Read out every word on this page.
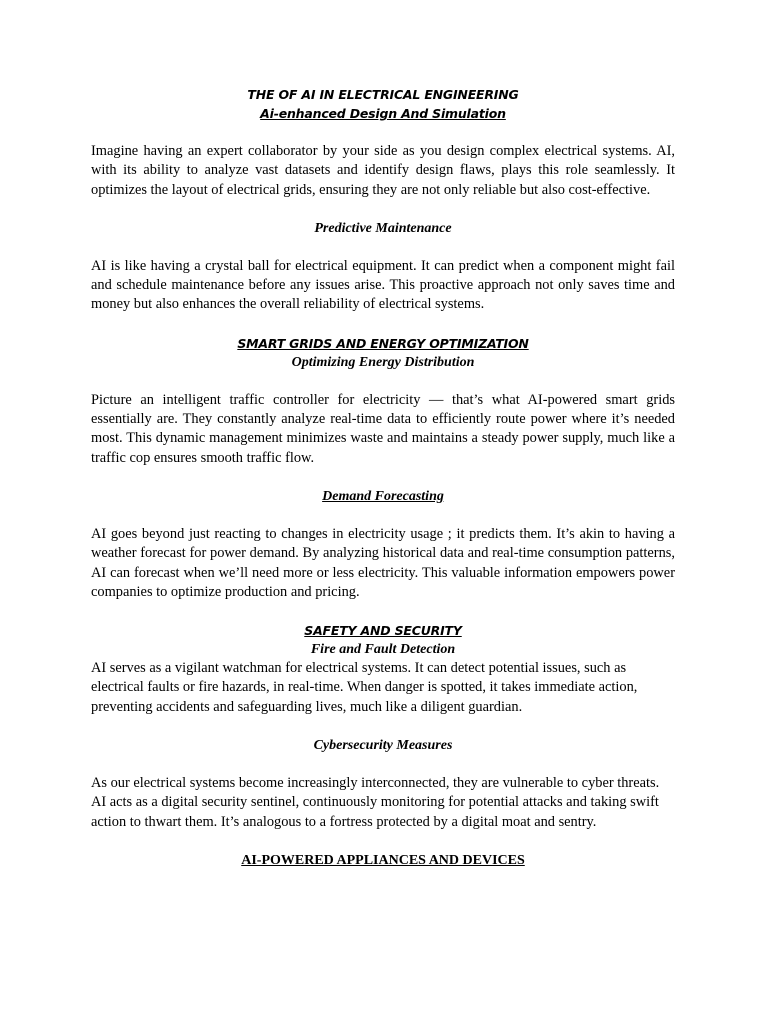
THE OF AI IN ELECTRICAL ENGINEERING
Ai-enhanced Design And Simulation

Imagine having an expert collaborator by your side as you design complex electrical systems. AI, with its ability to analyze vast datasets and identify design flaws, plays this role seamlessly. It optimizes the layout of electrical grids, ensuring they are not only reliable but also cost-effective.

Predictive Maintenance

AI is like having a crystal ball for electrical equipment. It can predict when a component might fail and schedule maintenance before any issues arise. This proactive approach not only saves time and money but also enhances the overall reliability of electrical systems.

SMART GRIDS AND ENERGY OPTIMIZATION
Optimizing Energy Distribution

Picture an intelligent traffic controller for electricity — that’s what AI-powered smart grids essentially are. They constantly analyze real-time data to efficiently route power where it’s needed most. This dynamic management minimizes waste and maintains a steady power supply, much like a traffic cop ensures smooth traffic flow.

Demand Forecasting

AI goes beyond just reacting to changes in electricity usage ; it predicts them. It’s akin to having a weather forecast for power demand. By analyzing historical data and real-time consumption patterns, AI can forecast when we’ll need more or less electricity. This valuable information empowers power companies to optimize production and pricing.

SAFETY AND SECURITY
Fire and Fault Detection

AI serves as a vigilant watchman for electrical systems. It can detect potential issues, such as electrical faults or fire hazards, in real-time. When danger is spotted, it takes immediate action, preventing accidents and safeguarding lives, much like a diligent guardian.

Cybersecurity Measures

As our electrical systems become increasingly interconnected, they are vulnerable to cyber threats. AI acts as a digital security sentinel, continuously monitoring for potential attacks and taking swift action to thwart them. It’s analogous to a fortress protected by a digital moat and sentry.

AI-POWERED APPLIANCES AND DEVICES
